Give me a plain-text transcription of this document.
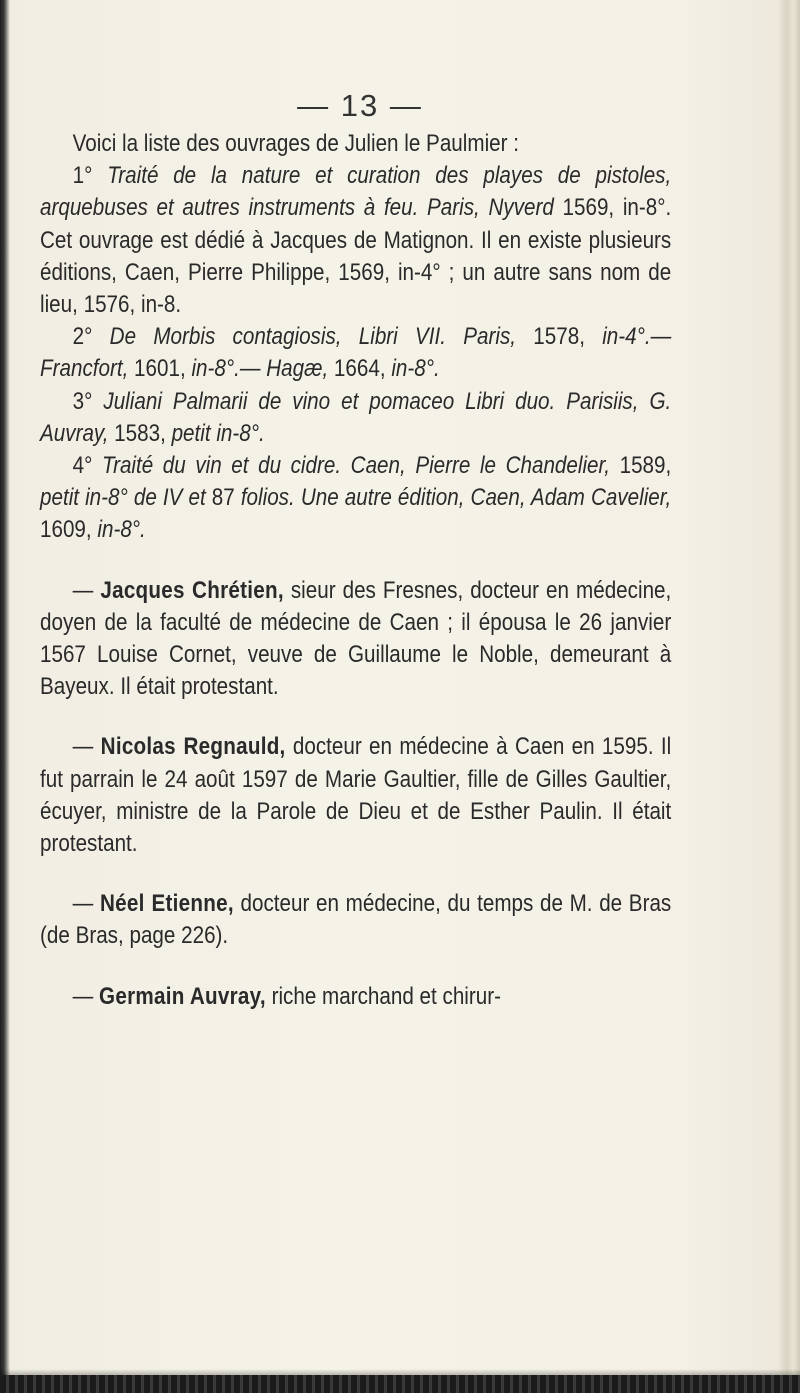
— 13 —

Voici la liste des ouvrages de Julien le Paulmier :

1° Traité de la nature et curation des playes de pistoles, arquebuses et autres instruments à feu. Paris, Nyverd 1569, in-8°. Cet ouvrage est dédié à Jacques de Matignon. Il en existe plusieurs éditions, Caen, Pierre Philippe, 1569, in-4° ; un autre sans nom de lieu, 1576, in-8.

2° De Morbis contagiosis, Libri VII. Paris, 1578, in-4°.— Francfort, 1601, in-8°.— Hagæ, 1664, in-8°.

3° Juliani Palmarii de vino et pomaceo Libri duo. Parisiis, G. Auvray, 1583, petit in-8°.

4° Traité du vin et du cidre. Caen, Pierre le Chandelier, 1589, petit in-8° de IV et 87 folios. Une autre édition, Caen, Adam Cavelier, 1609, in-8°.

— Jacques Chrétien, sieur des Fresnes, docteur en médecine, doyen de la faculté de médecine de Caen ; il épousa le 26 janvier 1567 Louise Cornet, veuve de Guillaume le Noble, demeurant à Bayeux. Il était protestant.

— Nicolas Regnauld, docteur en médecine à Caen en 1595. Il fut parrain le 24 août 1597 de Marie Gaultier, fille de Gilles Gaultier, écuyer, ministre de la Parole de Dieu et de Esther Paulin. Il était protestant.

— Néel Etienne, docteur en médecine, du temps de M. de Bras (de Bras, page 226).

— Germain Auvray, riche marchand et chirur-
